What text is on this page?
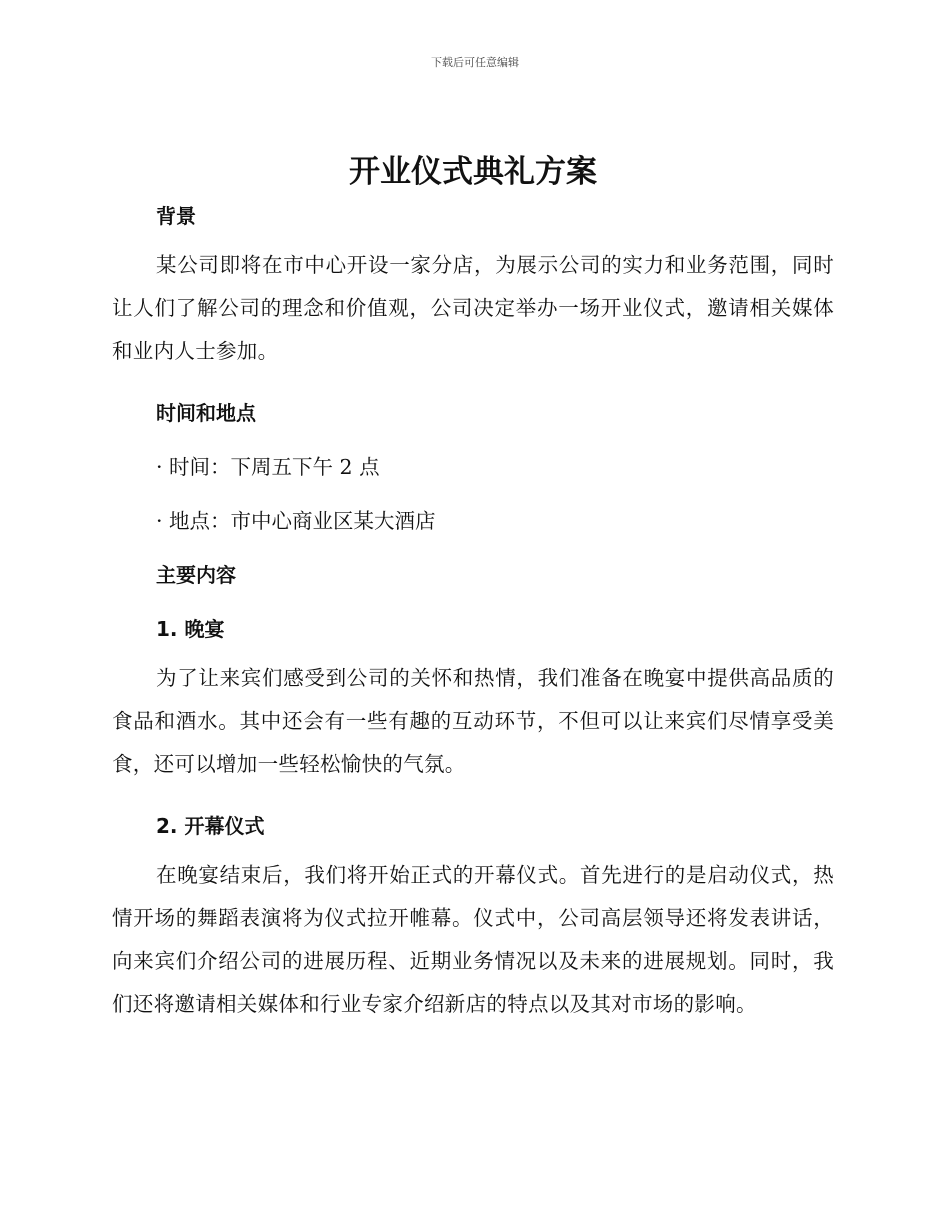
下载后可任意编辑
开业仪式典礼方案
背景

某公司即将在市中心开设一家分店，为展示公司的实力和业务范围，同时让人们了解公司的理念和价值观，公司决定举办一场开业仪式，邀请相关媒体和业内人士参加。

时间和地点
· 时间：下周五下午 2 点
· 地点：市中心商业区某大酒店
主要内容
1. 晚宴

为了让来宾们感受到公司的关怀和热情，我们准备在晚宴中提供高品质的食品和酒水。其中还会有一些有趣的互动环节，不但可以让来宾们尽情享受美食，还可以增加一些轻松愉快的气氛。

2. 开幕仪式

在晚宴结束后，我们将开始正式的开幕仪式。首先进行的是启动仪式，热情开场的舞蹈表演将为仪式拉开帷幕。仪式中，公司高层领导还将发表讲话，向来宾们介绍公司的进展历程、近期业务情况以及未来的进展规划。同时，我们还将邀请相关媒体和行业专家介绍新店的特点以及其对市场的影响。
